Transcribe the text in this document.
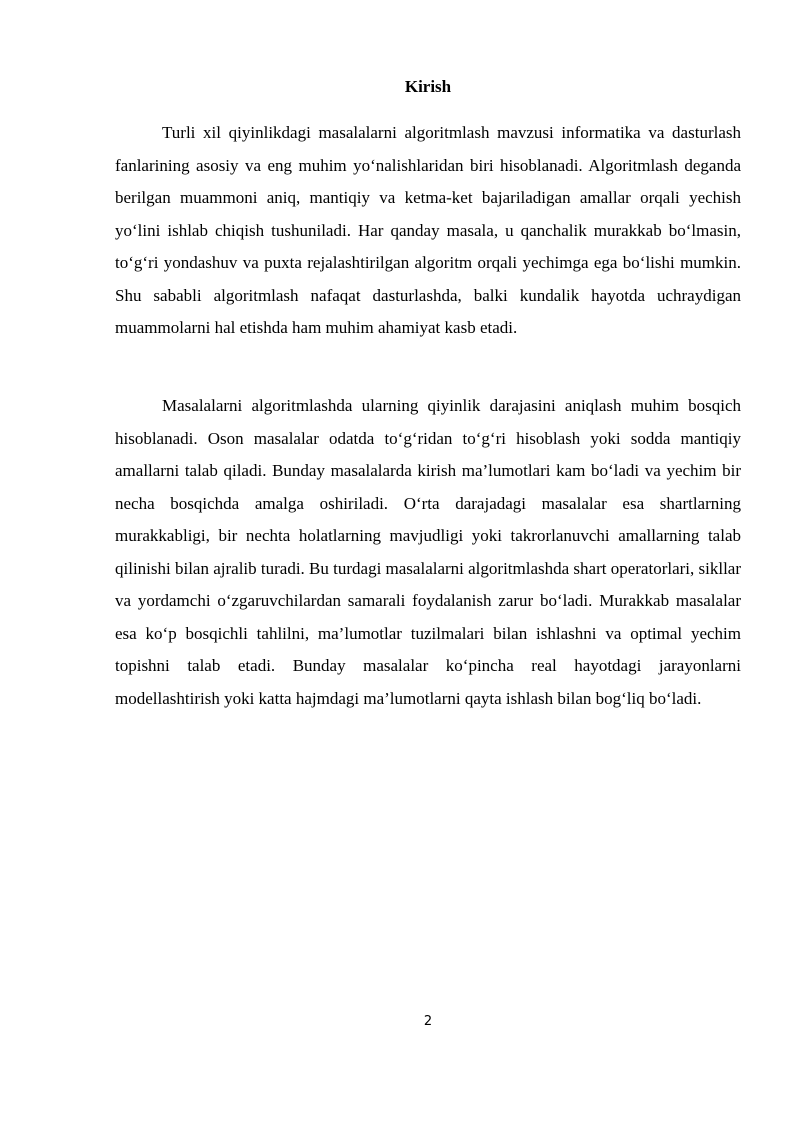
Kirish

Turli xil qiyinlikdagi masalalarni algoritmlash mavzusi informatika va dasturlash fanlarining asosiy va eng muhim yo‘nalishlaridan biri hisoblanadi. Algoritmlash deganda berilgan muammoni aniq, mantiqiy va ketma-ket bajariladigan amallar orqali yechish yo‘lini ishlab chiqish tushuniladi. Har qanday masala, u qanchalik murakkab bo‘lmasin, to‘g‘ri yondashuv va puxta rejalashtirilgan algoritm orqali yechimga ega bo‘lishi mumkin. Shu sababli algoritmlash nafaqat dasturlashda, balki kundalik hayotda uchraydigan muammolarni hal etishda ham muhim ahamiyat kasb etadi.

Masalalarni algoritmlashda ularning qiyinlik darajasini aniqlash muhim bosqich hisoblanadi. Oson masalalar odatda to‘g‘ridan to‘g‘ri hisoblash yoki sodda mantiqiy amallarni talab qiladi. Bunday masalalarda kirish ma’lumotlari kam bo‘ladi va yechim bir necha bosqichda amalga oshiriladi. O‘rta darajadagi masalalar esa shartlarning murakkabligi, bir nechta holatlarning mavjudligi yoki takrorlanuvchi amallarning talab qilinishi bilan ajralib turadi. Bu turdagi masalalarni algoritmlashda shart operatorlari, sikllar va yordamchi o‘zgaruvchilardan samarali foydalanish zarur bo‘ladi. Murakkab masalalar esa ko‘p bosqichli tahlilni, ma’lumotlar tuzilmalari bilan ishlashni va optimal yechim topishni talab etadi. Bunday masalalar ko‘pincha real hayotdagi jarayonlarni modellashtirish yoki katta hajmdagi ma’lumotlarni qayta ishlash bilan bog‘liq bo‘ladi.

2
